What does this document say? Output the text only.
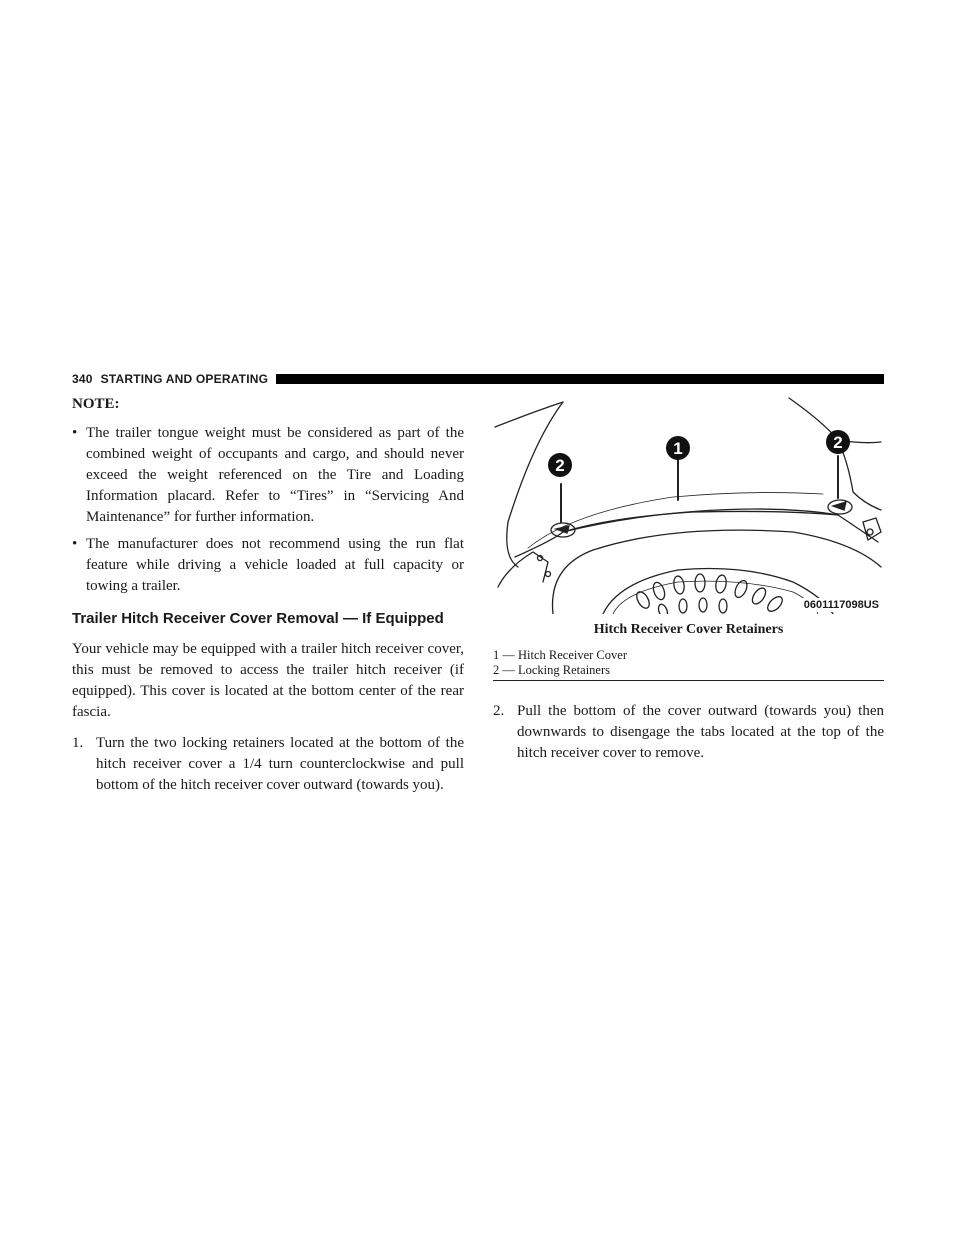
340 STARTING AND OPERATING
NOTE:
• The trailer tongue weight must be considered as part of the combined weight of occupants and cargo, and should never exceed the weight referenced on the Tire and Loading Information placard. Refer to “Tires” in “Servicing And Maintenance” for further information.
• The manufacturer does not recommend using the run flat feature while driving a vehicle loaded at full capacity or towing a trailer.
Trailer Hitch Receiver Cover Removal — If Equipped

Your vehicle may be equipped with a trailer hitch receiver cover, this must be removed to access the trailer hitch receiver (if equipped). This cover is located at the bottom center of the rear fascia.

1. Turn the two locking retainers located at the bottom of the hitch receiver cover a 1/4 turn counterclockwise and pull bottom of the hitch receiver cover outward (towards you).
2
1	2
0601117098US
Hitch Receiver Cover Retainers
1 — Hitch Receiver Cover
2 — Locking Retainers
2. Pull the bottom of the cover outward (towards you) then downwards to disengage the tabs located at the top of the hitch receiver cover to remove.
